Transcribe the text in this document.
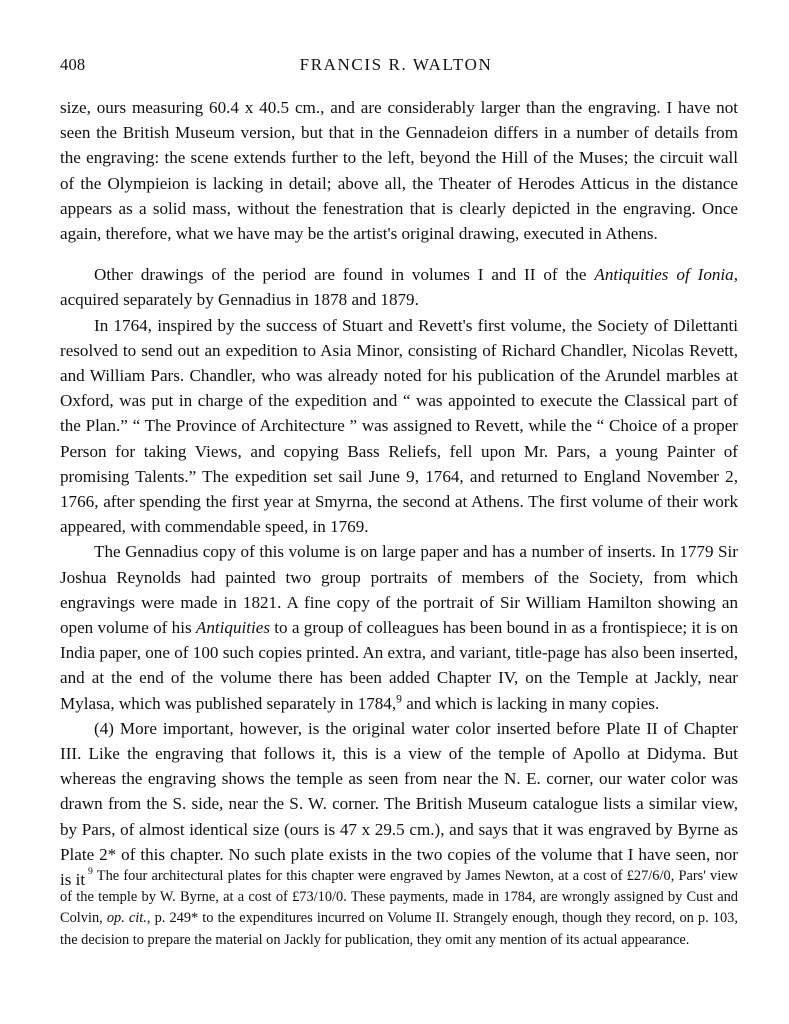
408	FRANCIS R. WALTON

size, ours measuring 60.4 x 40.5 cm., and are considerably larger than the engraving. I have not seen the British Museum version, but that in the Gennadeion differs in a number of details from the engraving: the scene extends further to the left, beyond the Hill of the Muses; the circuit wall of the Olympieion is lacking in detail; above all, the Theater of Herodes Atticus in the distance appears as a solid mass, without the fenestration that is clearly depicted in the engraving. Once again, therefore, what we have may be the artist's original drawing, executed in Athens.

Other drawings of the period are found in volumes I and II of the Antiquities of Ionia, acquired separately by Gennadius in 1878 and 1879.

In 1764, inspired by the success of Stuart and Revett's first volume, the Society of Dilettanti resolved to send out an expedition to Asia Minor, consisting of Richard Chandler, Nicolas Revett, and William Pars. Chandler, who was already noted for his publication of the Arundel marbles at Oxford, was put in charge of the expedition and “ was appointed to execute the Classical part of the Plan.” “ The Province of Architecture ” was assigned to Revett, while the “ Choice of a proper Person for taking Views, and copying Bass Reliefs, fell upon Mr. Pars, a young Painter of promising Talents.” The expedition set sail June 9, 1764, and returned to England November 2, 1766, after spending the first year at Smyrna, the second at Athens. The first volume of their work appeared, with commendable speed, in 1769.

The Gennadius copy of this volume is on large paper and has a number of inserts. In 1779 Sir Joshua Reynolds had painted two group portraits of members of the Society, from which engravings were made in 1821. A fine copy of the portrait of Sir William Hamilton showing an open volume of his Antiquities to a group of colleagues has been bound in as a frontispiece; it is on India paper, one of 100 such copies printed. An extra, and variant, title-page has also been inserted, and at the end of the volume there has been added Chapter IV, on the Temple at Jackly, near Mylasa, which was published separately in 1784,$^9$ and which is lacking in many copies.

(4) More important, however, is the original water color inserted before Plate II of Chapter III. Like the engraving that follows it, this is a view of the temple of Apollo at Didyma. But whereas the engraving shows the temple as seen from near the N. E. corner, our water color was drawn from the S. side, near the S. W. corner. The British Museum catalogue lists a similar view, by Pars, of almost identical size (ours is 47 x 29.5 cm.), and says that it was engraved by Byrne as Plate 2* of this chapter. No such plate exists in the two copies of the volume that I have seen, nor is it $^9$ The four architectural plates for this chapter were engraved by James Newton, at a cost of £27/6/0, Pars' view of the temple by W. Byrne, at a cost of £73/10/0. These payments, made in 1784, are wrongly assigned by Cust and Colvin, op. cit., p. 249* to the expenditures incurred on Volume II. Strangely enough, though they record, on p. 103, the decision to prepare the material on Jackly for publication, they omit any mention of its actual appearance.
